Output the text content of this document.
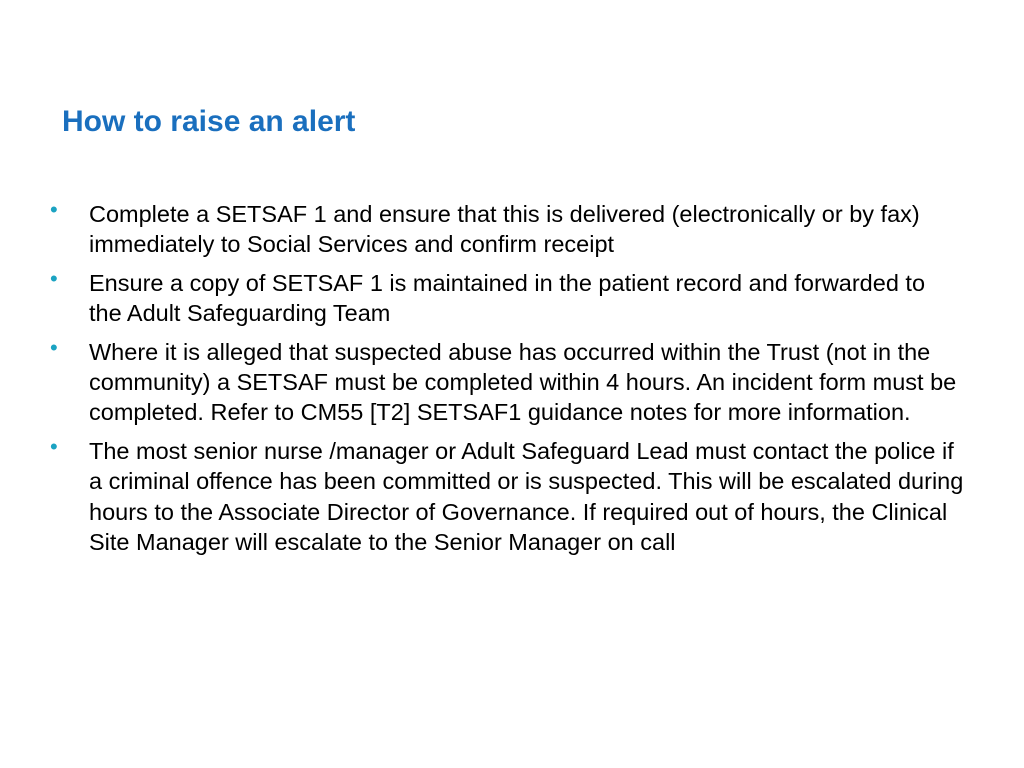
How to raise an alert
• Complete a SETSAF 1 and ensure that this is delivered (electronically or by fax) immediately to Social Services and confirm receipt
• Ensure a copy of SETSAF 1 is maintained in the patient record and forwarded to the Adult Safeguarding Team
• Where it is alleged that suspected abuse has occurred within the Trust (not in the community) a SETSAF must be completed within 4 hours. An incident form must be completed. Refer to CM55 [T2] SETSAF1 guidance notes for more information.
• The most senior nurse /manager or Adult Safeguard Lead must contact the police if a criminal offence has been committed or is suspected. This will be escalated during hours to the Associate Director of Governance. If required out of hours, the Clinical Site Manager will escalate to the Senior Manager on call
